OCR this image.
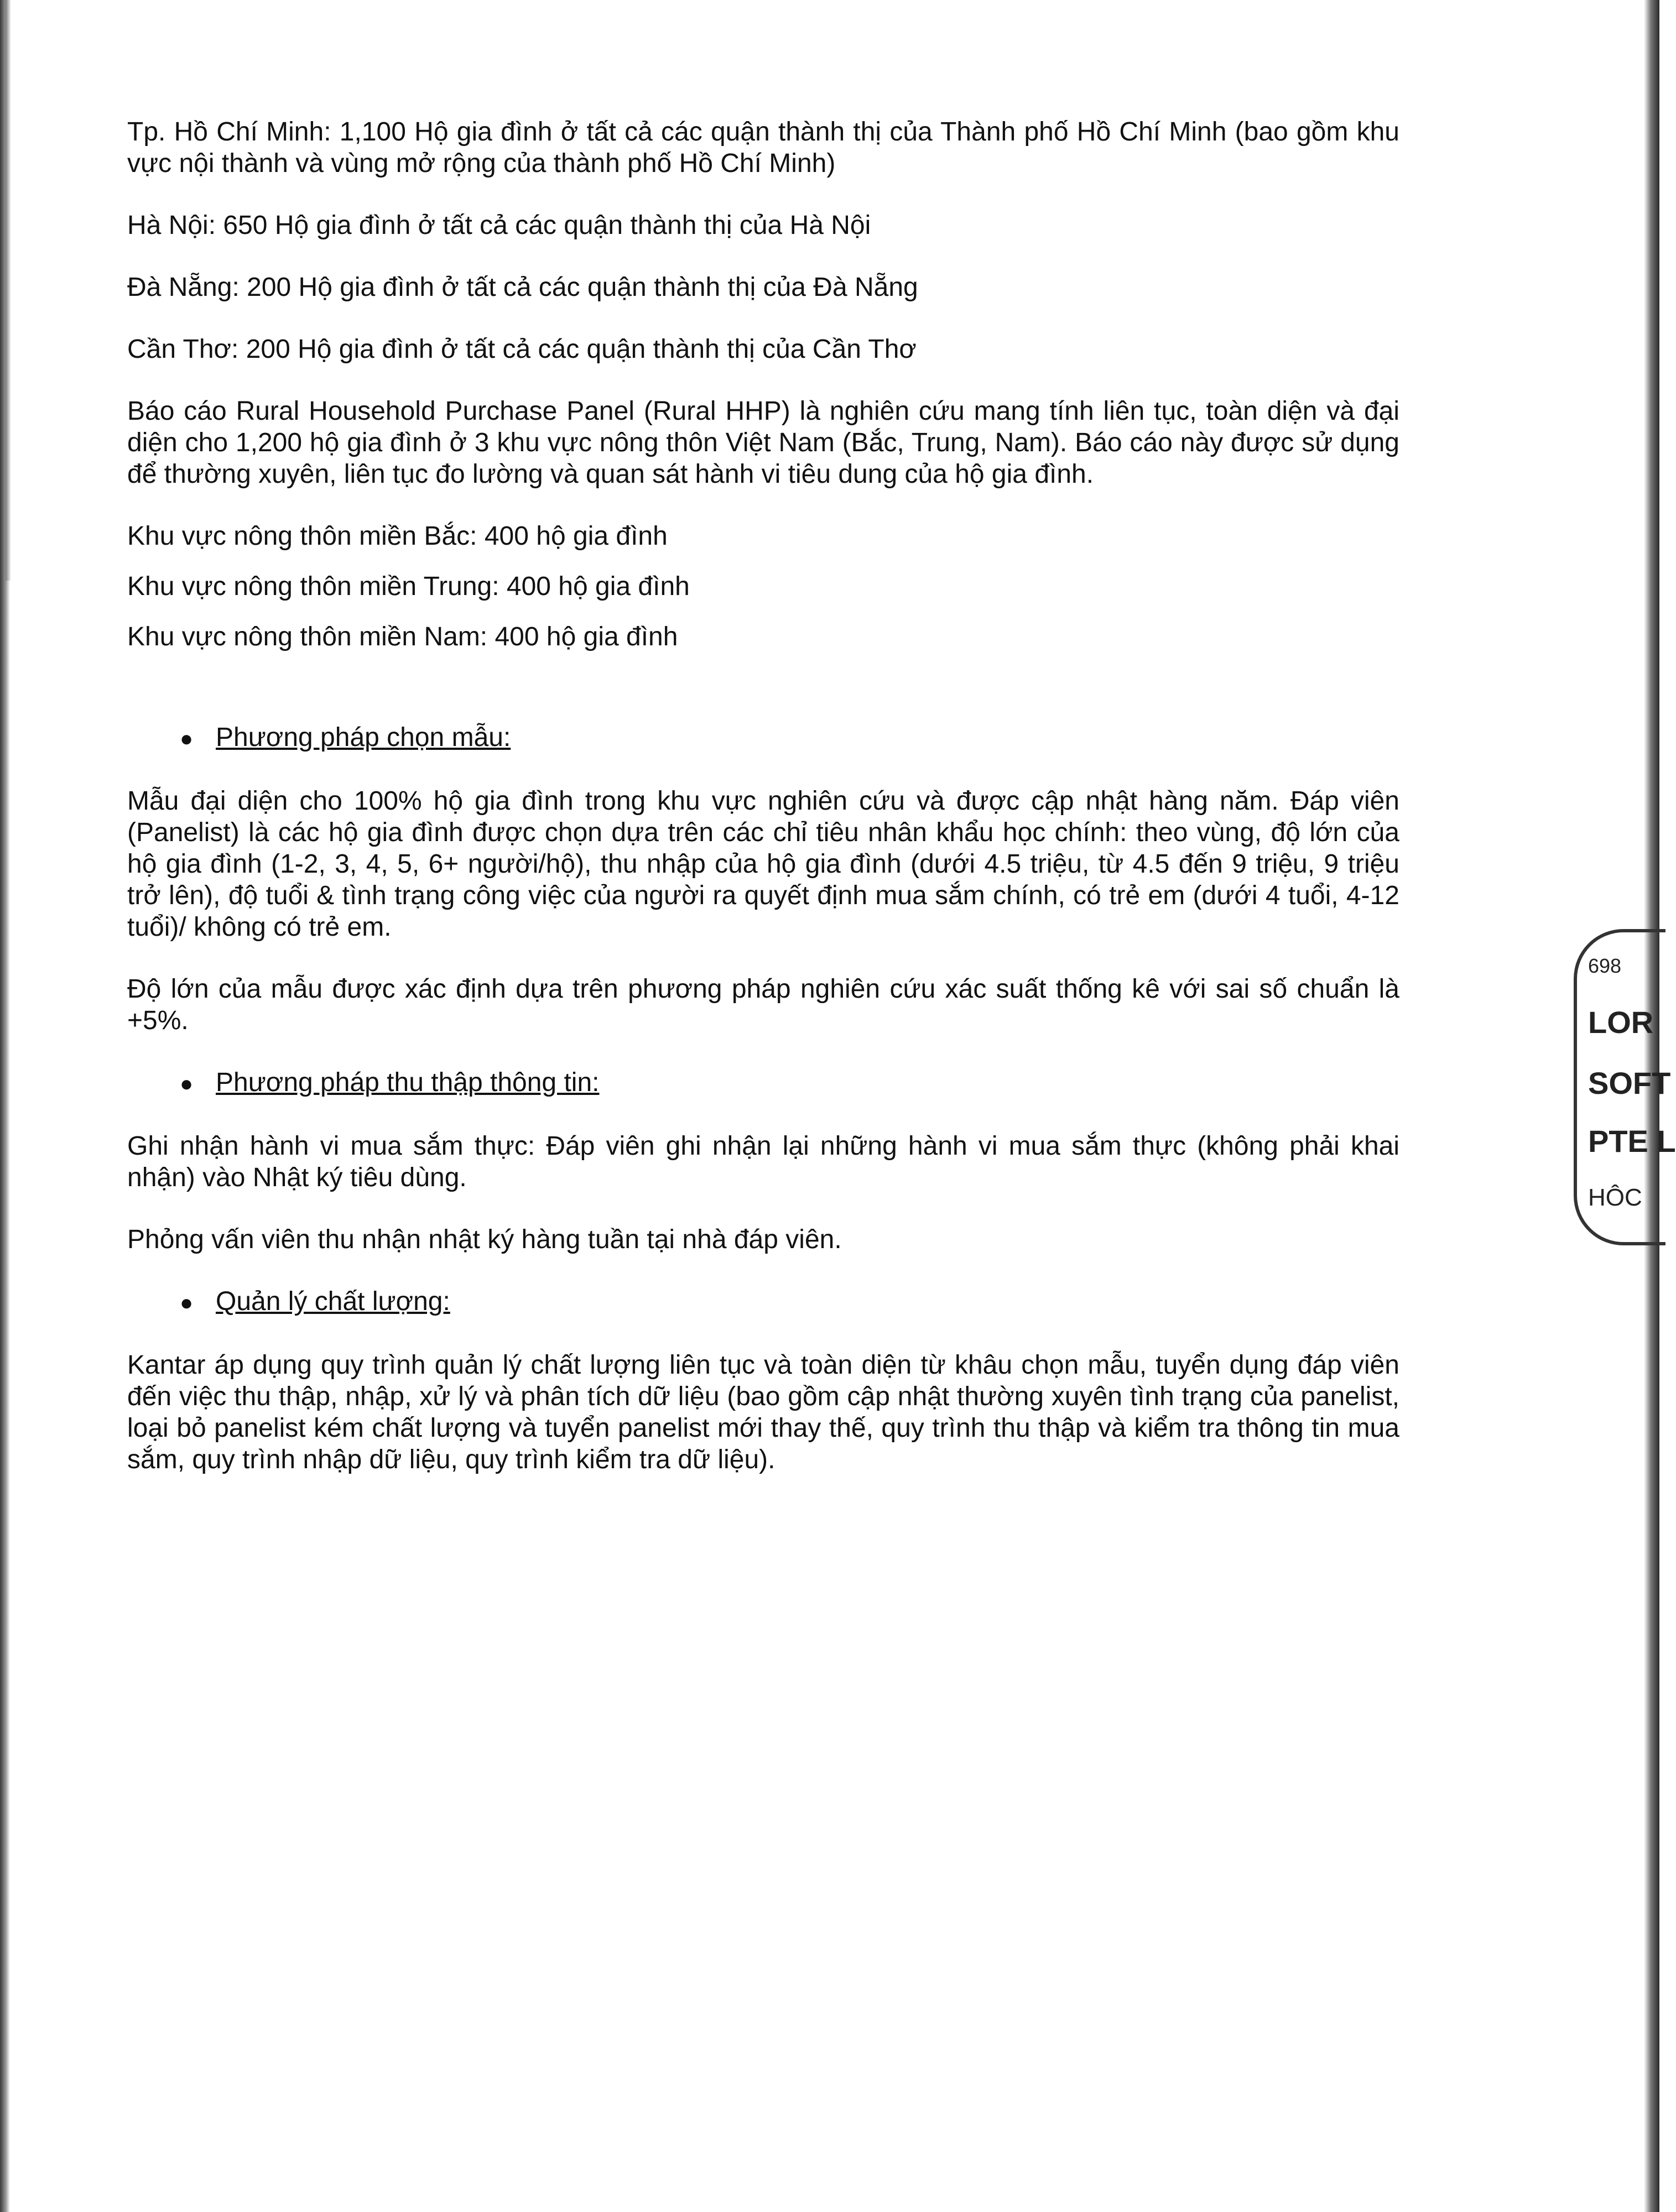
Tp. Hồ Chí Minh: 1,100 Hộ gia đình ở tất cả các quận thành thị của Thành phố Hồ Chí Minh (bao gồm khu vực nội thành và vùng mở rộng của thành phố Hồ Chí Minh)

Hà Nội: 650 Hộ gia đình ở tất cả các quận thành thị của Hà Nội

Đà Nẵng: 200 Hộ gia đình ở tất cả các quận thành thị của Đà Nẵng

Cần Thơ: 200 Hộ gia đình ở tất cả các quận thành thị của Cần Thơ

Báo cáo Rural Household Purchase Panel (Rural HHP) là nghiên cứu mang tính liên tục, toàn diện và đại diện cho 1,200 hộ gia đình ở 3 khu vực nông thôn Việt Nam (Bắc, Trung, Nam). Báo cáo này được sử dụng để thường xuyên, liên tục đo lường và quan sát hành vi tiêu dung của hộ gia đình.

Khu vực nông thôn miền Bắc: 400 hộ gia đình

Khu vực nông thôn miền Trung: 400 hộ gia đình

Khu vực nông thôn miền Nam: 400 hộ gia đình

● Phương pháp chọn mẫu:

Mẫu đại diện cho 100% hộ gia đình trong khu vực nghiên cứu và được cập nhật hàng năm. Đáp viên (Panelist) là các hộ gia đình được chọn dựa trên các chỉ tiêu nhân khẩu học chính: theo vùng, độ lớn của hộ gia đình (1-2, 3, 4, 5, 6+ người/hộ), thu nhập của hộ gia đình (dưới 4.5 triệu, từ 4.5 đến 9 triệu, 9 triệu trở lên), độ tuổi & tình trạng công việc của người ra quyết định mua sắm chính, có trẻ em (dưới 4 tuổi, 4-12 tuổi)/ không có trẻ em.

Độ lớn của mẫu được xác định dựa trên phương pháp nghiên cứu xác suất thống kê với sai số chuẩn là +5%.

● Phương pháp thu thập thông tin:

Ghi nhận hành vi mua sắm thực: Đáp viên ghi nhận lại những hành vi mua sắm thực (không phải khai nhận) vào Nhật ký tiêu dùng.

Phỏng vấn viên thu nhận nhật ký hàng tuần tại nhà đáp viên.

● Quản lý chất lượng:

Kantar áp dụng quy trình quản lý chất lượng liên tục và toàn diện từ khâu chọn mẫu, tuyển dụng đáp viên đến việc thu thập, nhập, xử lý và phân tích dữ liệu (bao gồm cập nhật thường xuyên tình trạng của panelist, loại bỏ panelist kém chất lượng và tuyển panelist mới thay thế, quy trình thu thập và kiểm tra thông tin mua sắm, quy trình nhập dữ liệu, quy trình kiểm tra dữ liệu).

698
LOR
SOFT
PTE L
HÔC
